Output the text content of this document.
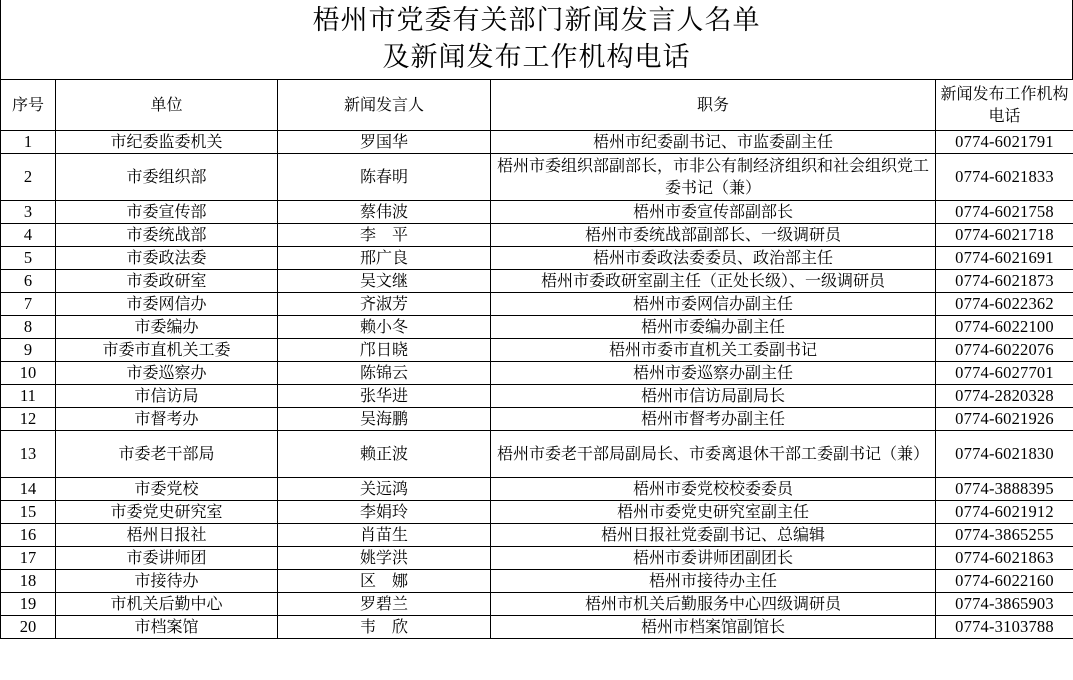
梧州市党委有关部门新闻发言人名单
及新闻发布工作机构电话
序号	单位	新闻发言人	职务	新闻发布工作机构电话
1	市纪委监委机关	罗国华	梧州市纪委副书记、市监委副主任	0774-6021791
2	市委组织部	陈春明	梧州市委组织部副部长，市非公有制经济组织和社会组织党工委书记（兼）	0774-6021833
3	市委宣传部	蔡伟波	梧州市委宣传部副部长	0774-6021758
4	市委统战部	李　平	梧州市委统战部副部长、一级调研员	0774-6021718
5	市委政法委	邢广良	梧州市委政法委委员、政治部主任	0774-6021691
6	市委政研室	吴文继	梧州市委政研室副主任（正处长级）、一级调研员	0774-6021873
7	市委网信办	齐淑芳	梧州市委网信办副主任	0774-6022362
8	市委编办	赖小冬	梧州市委编办副主任	0774-6022100
9	市委市直机关工委	邝日晓	梧州市委市直机关工委副书记	0774-6022076
10	市委巡察办	陈锦云	梧州市委巡察办副主任	0774-6027701
11	市信访局	张华进	梧州市信访局副局长	0774-2820328
12	市督考办	吴海鹏	梧州市督考办副主任	0774-6021926
13	市委老干部局	赖正波	梧州市委老干部局副局长、市委离退休干部工委副书记（兼）	0774-6021830
14	市委党校	关远鸿	梧州市委党校校委委员	0774-3888395
15	市委党史研究室	李娟玲	梧州市委党史研究室副主任	0774-6021912
16	梧州日报社	肖苗生	梧州日报社党委副书记、总编辑	0774-3865255
17	市委讲师团	姚学洪	梧州市委讲师团副团长	0774-6021863
18	市接待办	区　娜	梧州市接待办主任	0774-6022160
19	市机关后勤中心	罗碧兰	梧州市机关后勤服务中心四级调研员	0774-3865903
20	市档案馆	韦　欣	梧州市档案馆副馆长	0774-3103788
